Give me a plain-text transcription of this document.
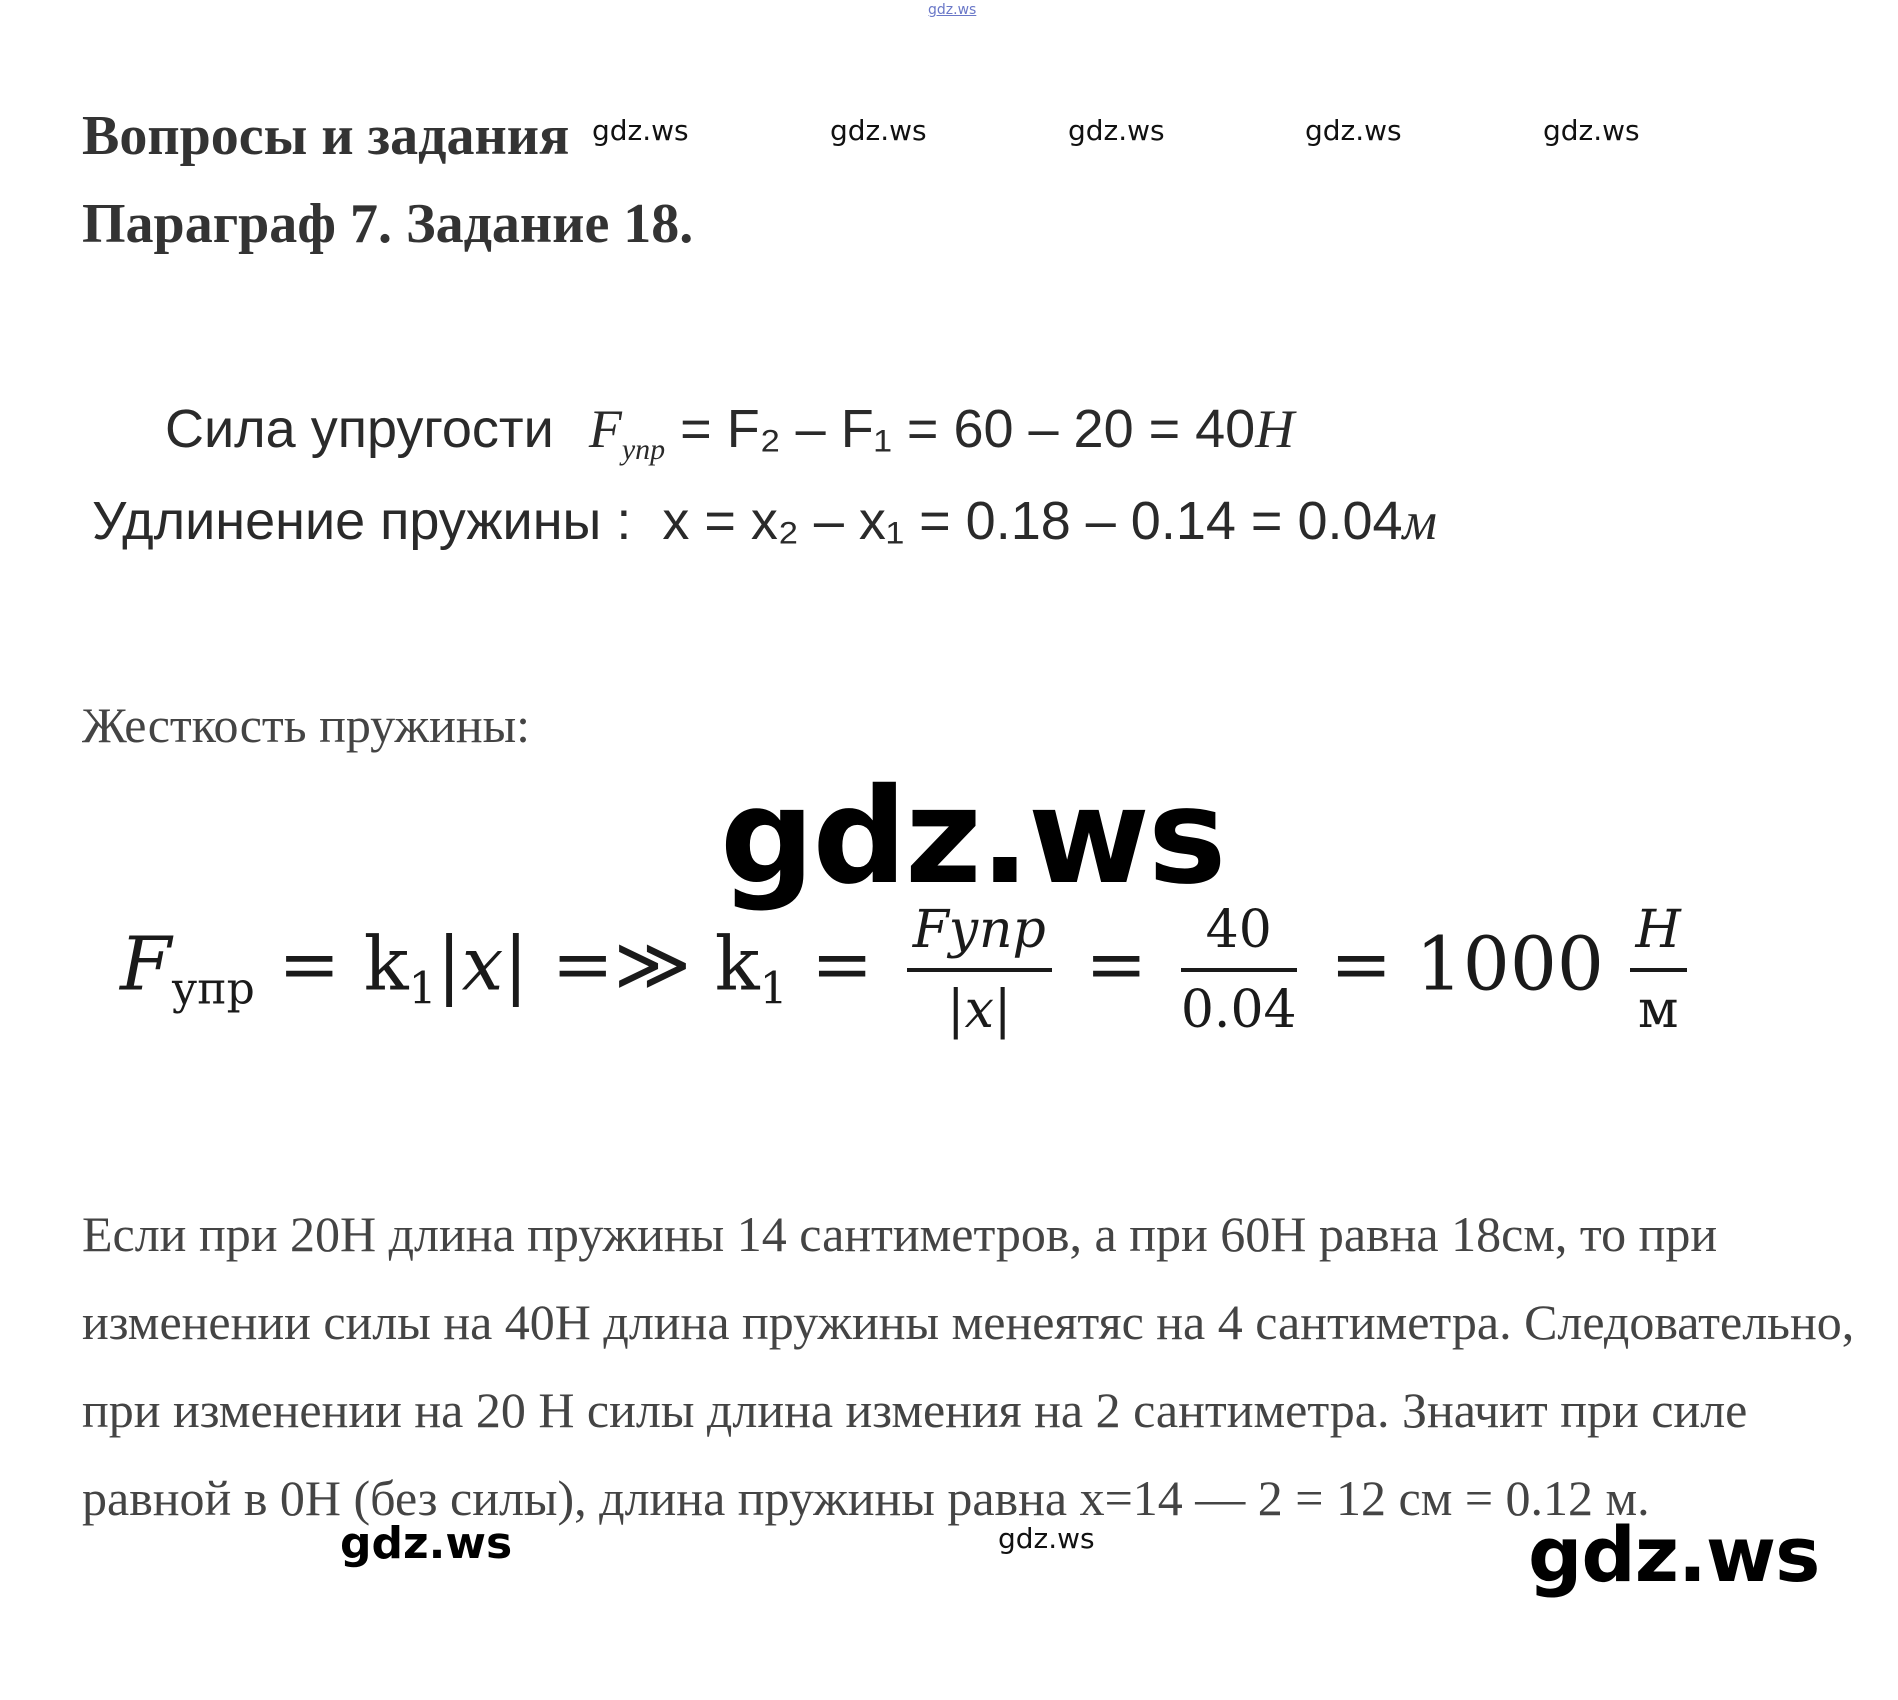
gdz.ws
Вопросы и задания
Параграф 7. Задание 18.
gdz.ws	gdz.ws	gdz.ws	gdz.ws	gdz.ws
Сила упругости $F_{упр} = F_2 - F_1 = 60 - 20 = 40Н$
Удлинение пружины : x = x₂ – x₁ = 0.18 – 0.14 = 0.04м
Жесткость пружины:
gdz.ws
$F_{упр} = k_1|x|$ =≫ $k_1 = \frac{\text{Fупр}}{|x|} = \frac{40}{0.04} = 1000 \frac{Н}{м}$
Если при 20Н длина пружины 14 сантиметров, а при 60Н равна 18см, то при изменении силы на 40Н длина пружины менеятяс на 4 сантиметра. Следовательно, при изменении на 20 Н силы длина измения на 2 сантиметра. Значит при силе равной в 0Н (без силы), длина пружины равна х=14 — 2 = 12 см = 0.12 м.
gdz.ws	gdz.ws	gdz.ws
